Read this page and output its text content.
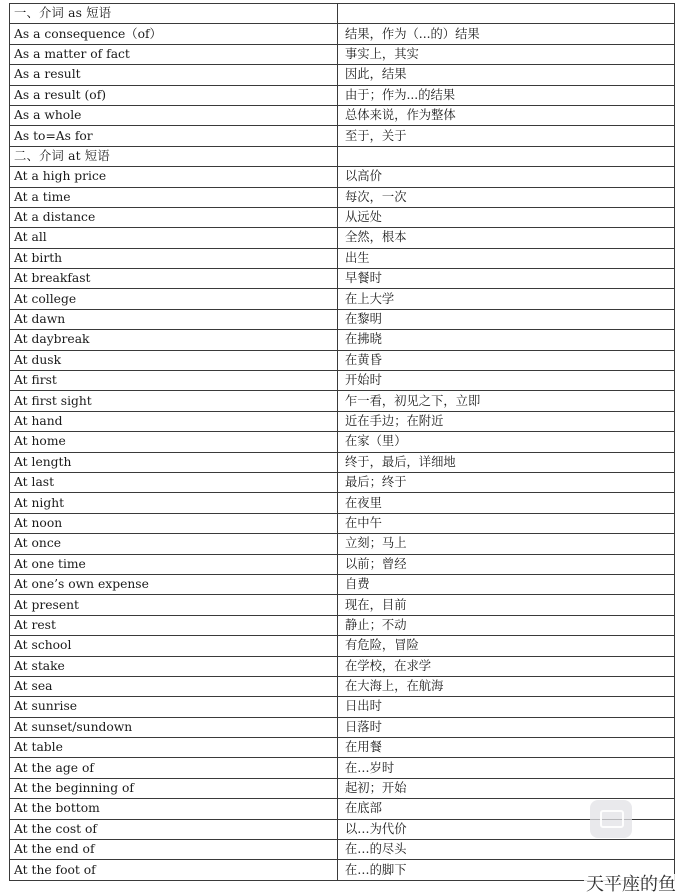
一、介词 as 短语	
As a consequence（of）	结果，作为（...的）结果
As a matter of fact	事实上，其实
As a result	因此，结果
As a result (of)	由于；作为...的结果
As a whole	总体来说，作为整体
As to=As for	至于，关于
二、介词 at 短语	
At a high price	以高价
At a time	每次，一次
At a distance	从远处
At all	全然，根本
At birth	出生
At breakfast	早餐时
At college	在上大学
At dawn	在黎明
At daybreak	在拂晓
At dusk	在黄昏
At first	开始时
At first sight	乍一看，初见之下，立即
At hand	近在手边；在附近
At home	在家（里）
At length	终于，最后，详细地
At last	最后；终于
At night	在夜里
At noon	在中午
At once	立刻；马上
At one time	以前；曾经
At one’s own expense	自费
At present	现在，目前
At rest	静止；不动
At school	有危险，冒险
At stake	在学校，在求学
At sea	在大海上，在航海
At sunrise	日出时
At sunset/sundown	日落时
At table	在用餐
At the age of	在…岁时
At the beginning of	起初；开始
At the bottom	在底部
At the cost of	以…为代价
At the end of	在…的尽头
At the foot of	在…的脚下
天平座的鱼
